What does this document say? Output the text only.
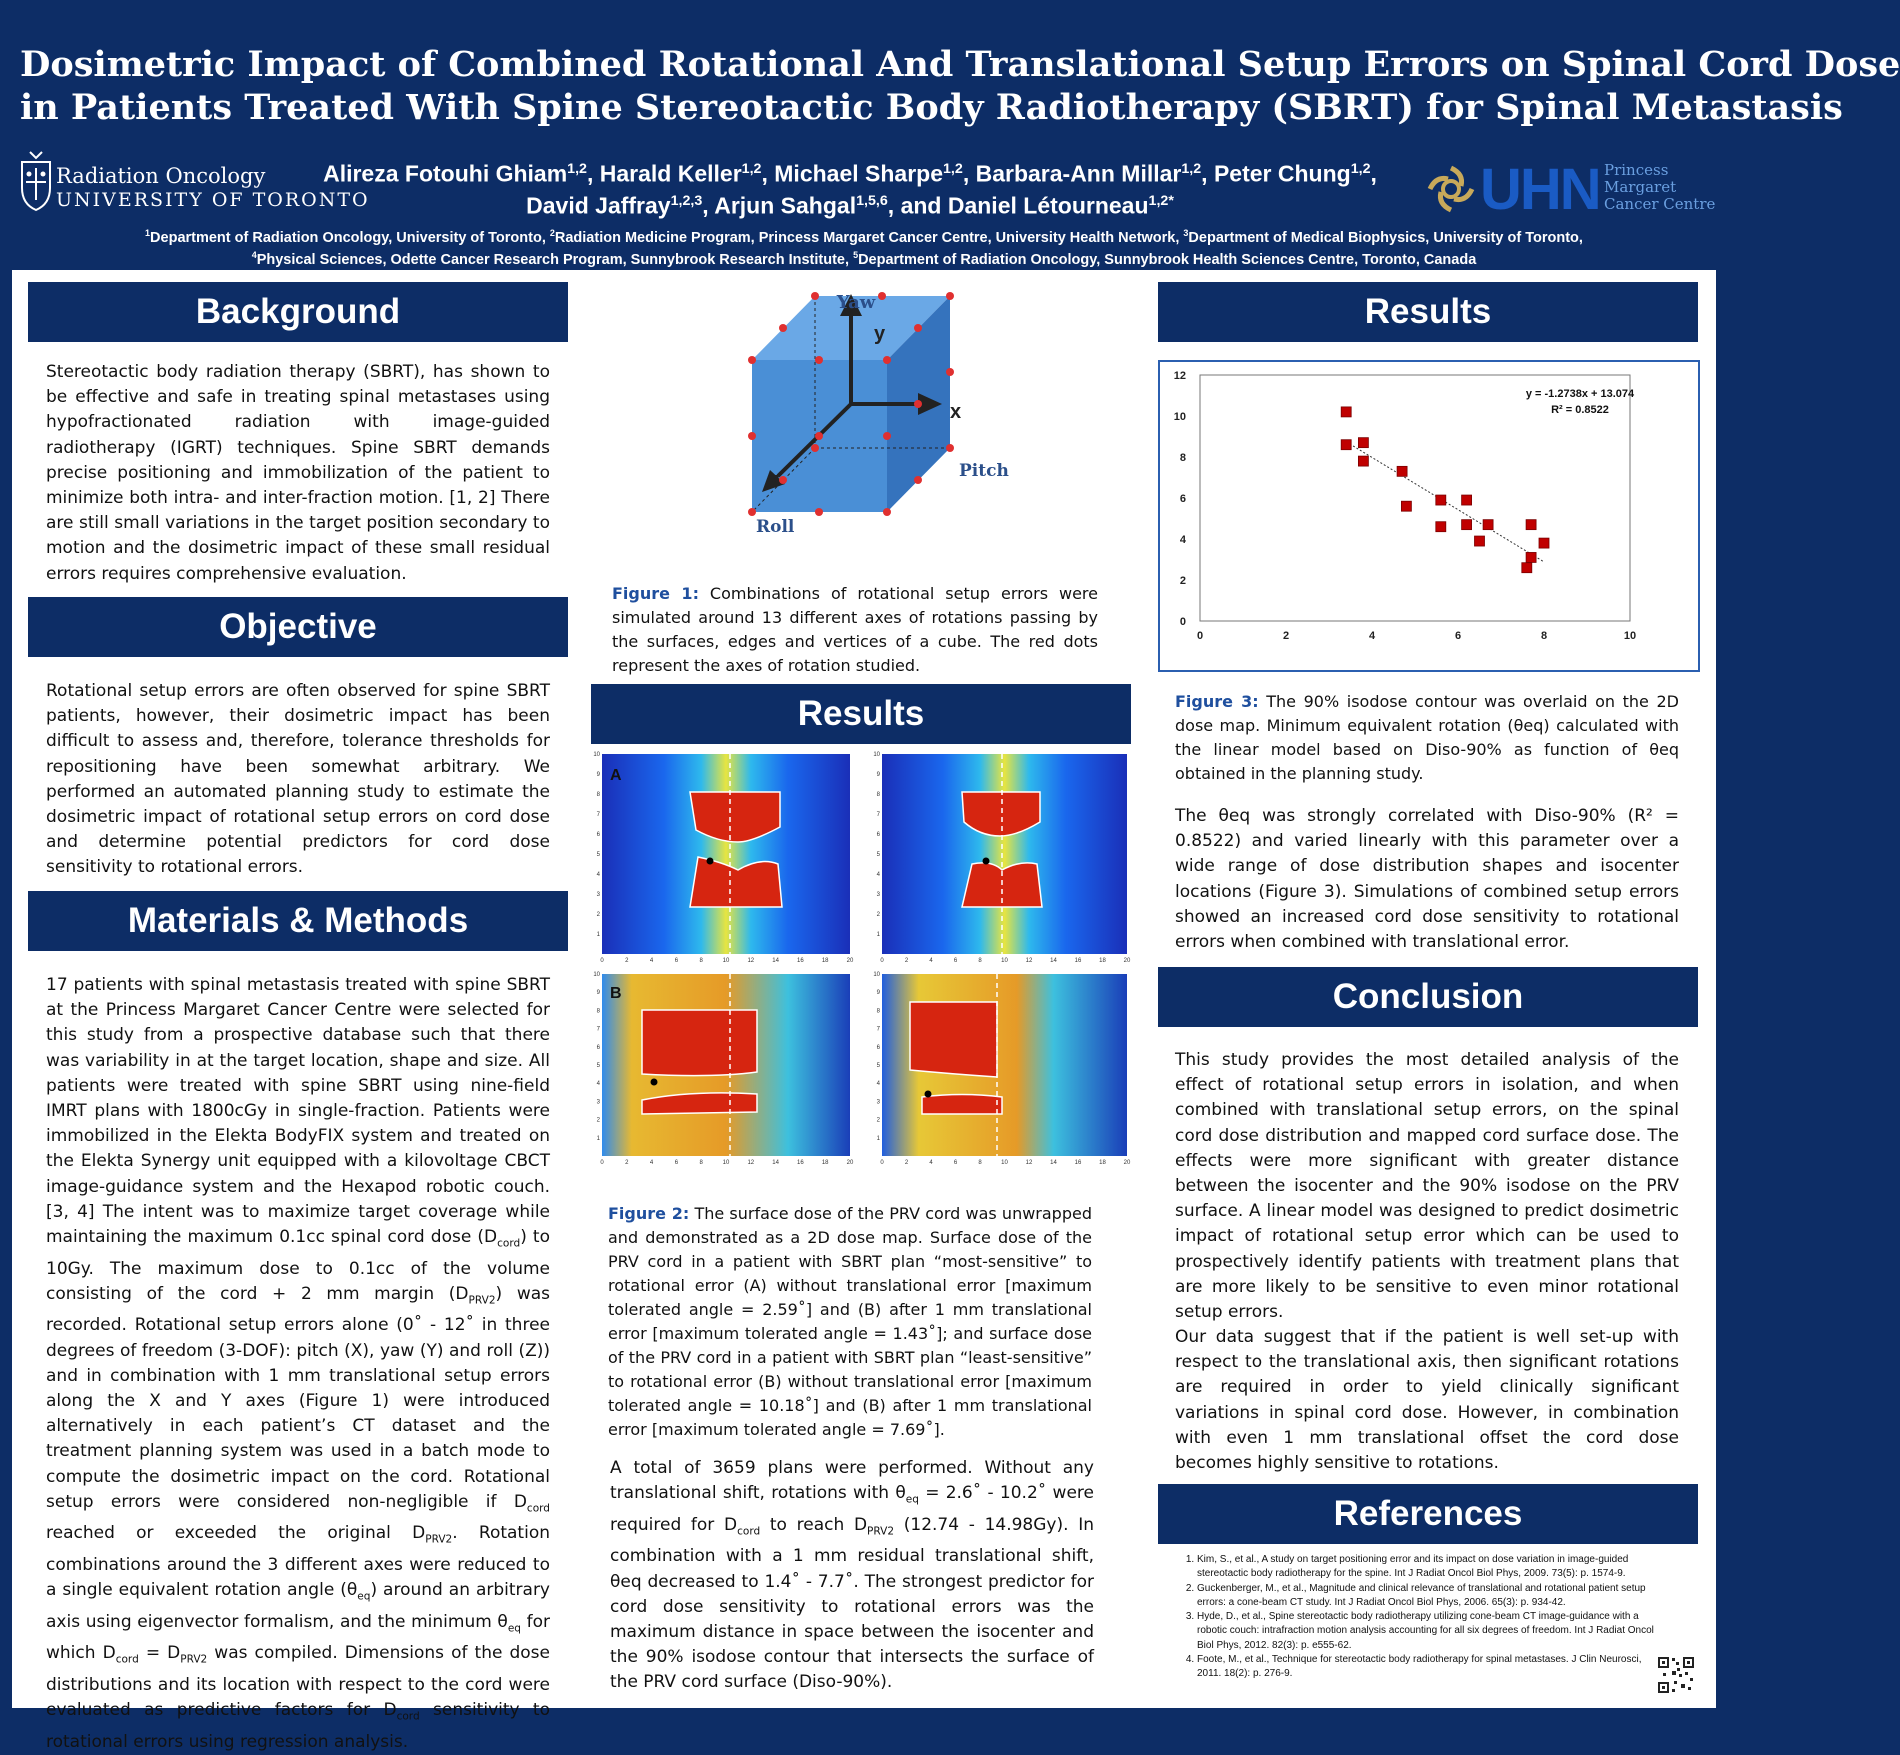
Dosimetric Impact of Combined Rotational And Translational Setup Errors on Spinal Cord Dose
in Patients Treated With Spine Stereotactic Body Radiotherapy (SBRT) for Spinal Metastasis
Radiation Oncology
UNIVERSITY OF TORONTO
Alireza Fotouhi Ghiam$^{1,2}$, Harald Keller$^{1,2}$, Michael Sharpe$^{1,2}$, Barbara-Ann Millar$^{1,2}$, Peter Chung$^{1,2}$,
David Jaffray$^{1,2,3}$, Arjun Sahgal$^{1,5,6}$, and Daniel Létourneau$^{1,2*}$	UHN Princess
Margaret
Cancer Centre
$^1$Department of Radiation Oncology, University of Toronto, $^2$Radiation Medicine Program, Princess Margaret Cancer Centre, University Health Network, $^3$Department of Medical Biophysics, University of Toronto,
$^4$Physical Sciences, Odette Cancer Research Program, Sunnybrook Research Institute, $^5$Department of Radiation Oncology, Sunnybrook Health Sciences Centre, Toronto, Canada
Background
Stereotactic body radiation therapy (SBRT), has shown to be effective and safe in treating spinal metastases using hypofractionated radiation with image-guided radiotherapy (IGRT) techniques. Spine SBRT demands precise positioning and immobilization of the patient to minimize both intra- and inter-fraction motion. [1, 2] There are still small variations in the target position secondary to motion and the dosimetric impact of these small residual errors requires comprehensive evaluation.
Objective
Rotational setup errors are often observed for spine SBRT patients, however, their dosimetric impact has been difficult to assess and, therefore, tolerance thresholds for repositioning have been somewhat arbitrary. We performed an automated planning study to estimate the dosimetric impact of rotational setup errors on cord dose and determine potential predictors for cord dose sensitivity to rotational errors.
Materials & Methods
17 patients with spinal metastasis treated with spine SBRT at the Princess Margaret Cancer Centre were selected for this study from a prospective database such that there was variability in at the target location, shape and size. All patients were treated with spine SBRT using nine-field IMRT plans with 1800cGy in single-fraction. Patients were immobilized in the Elekta BodyFIX system and treated on the Elekta Synergy unit equipped with a kilovoltage CBCT image-guidance system and the Hexapod robotic couch. [3, 4] The intent was to maximize target coverage while maintaining the maximum 0.1cc spinal cord dose $(D_{cord})$ to 10Gy. The maximum dose to 0.1cc of the volume consisting of the cord + 2 mm margin $(D_{PRV2})$ was recorded. Rotational setup errors alone (0˚ - 12˚ in three degrees of freedom (3-DOF): pitch (X), yaw (Y) and roll (Z)) and in combination with 1 mm translational setup errors along the X and Y axes (Figure 1) were introduced alternatively in each patient’s CT dataset and the treatment planning system was used in a batch mode to compute the dosimetric impact on the cord. Rotational setup errors were considered non-negligible if $D_{cord}$ reached or exceeded the original $D_{PRV2}$. Rotation combinations around the 3 different axes were reduced to a single equivalent rotation angle $(\theta_{eq})$ around an arbitrary axis using eigenvector formalism, and the minimum $\theta_{eq}$ for which $D_{cord} = D_{PRV2}$ was compiled. Dimensions of the dose distributions and its location with respect to the cord were evaluated as predictive factors for $D_{cord}$ sensitivity to rotational errors using regression analysis.
Yaw
y
x
Pitch
z
Roll
Figure 1: Combinations of rotational setup errors were simulated around 13 different axes of rotations passing by the surfaces, edges and vertices of a cube. The red dots represent the axes of rotation studied.
Results
A
B
0	2	4	6	8	10	12	14	16	18	20
1
2
3
4
5
6
7
8
9
10
0	2	4	6	8	10	12	14	16	18	20
1
2
3
4
5
6
7
8
9
10
0	2	4	6	8	10	12	14	16	18	20
1
2
3
4
5
6
7
8
9
10
0	2	4	6	8	10	12	14	16	18	20
1
2
3
4
5
6
7
8
9
10
Figure 2: The surface dose of the PRV cord was unwrapped and demonstrated as a 2D dose map. Surface dose of the PRV cord in a patient with SBRT plan “most-sensitive” to rotational error (A) without translational error [maximum tolerated angle = 2.59˚] and (B) after 1 mm translational error [maximum tolerated angle = 1.43˚]; and surface dose of the PRV cord in a patient with SBRT plan “least-sensitive” to rotational error (B) without translational error [maximum tolerated angle = 10.18˚] and (B) after 1 mm translational error [maximum tolerated angle = 7.69˚].
A total of 3659 plans were performed. Without any translational shift, rotations with $\theta_{eq}$ = 2.6˚ - 10.2˚ were required for $D_{cord}$ to reach $D_{PRV2}$ (12.74 - 14.98Gy). In combination with a 1 mm residual translational shift, θeq decreased to 1.4˚ - 7.7˚. The strongest predictor for cord dose sensitivity to rotational errors was the maximum distance in space between the isocenter and the 90% isodose contour that intersects the surface of the PRV cord surface (Diso-90%).
Results
0	2	4	6	8	10
0
2
4
6
8
10
12
y = -1.2738x + 13.074
R² = 0.8522
Figure 3: The 90% isodose contour was overlaid on the 2D dose map. Minimum equivalent rotation (θeq) calculated with the linear model based on Diso-90% as function of θeq obtained in the planning study.
The θeq was strongly correlated with Diso-90% (R² = 0.8522) and varied linearly with this parameter over a wide range of dose distribution shapes and isocenter locations (Figure 3). Simulations of combined setup errors showed an increased cord dose sensitivity to rotational errors when combined with translational error.
Conclusion
This study provides the most detailed analysis of the effect of rotational setup errors in isolation, and when combined with translational setup errors, on the spinal cord dose distribution and mapped cord surface dose. The effects were more significant with greater distance between the isocenter and the 90% isodose on the PRV surface. A linear model was designed to predict dosimetric impact of rotational setup error which can be used to prospectively identify patients with treatment plans that are more likely to be sensitive to even minor rotational setup errors.
Our data suggest that if the patient is well set-up with respect to the translational axis, then significant rotations are required in order to yield clinically significant variations in spinal cord dose. However, in combination with even 1 mm translational offset the cord dose becomes highly sensitive to rotations.
References
1. Kim, S., et al., A study on target positioning error and its impact on dose variation in image-guided stereotactic body radiotherapy for the spine. Int J Radiat Oncol Biol Phys, 2009. 73(5): p. 1574-9.
2. Guckenberger, M., et al., Magnitude and clinical relevance of translational and rotational patient setup errors: a cone-beam CT study. Int J Radiat Oncol Biol Phys, 2006. 65(3): p. 934-42.
3. Hyde, D., et al., Spine stereotactic body radiotherapy utilizing cone-beam CT image-guidance with a robotic couch: intrafraction motion analysis accounting for all six degrees of freedom. Int J Radiat Oncol Biol Phys, 2012. 82(3): p. e555-62.
4. Foote, M., et al., Technique for stereotactic body radiotherapy for spinal metastases. J Clin Neurosci, 2011. 18(2): p. 276-9.
